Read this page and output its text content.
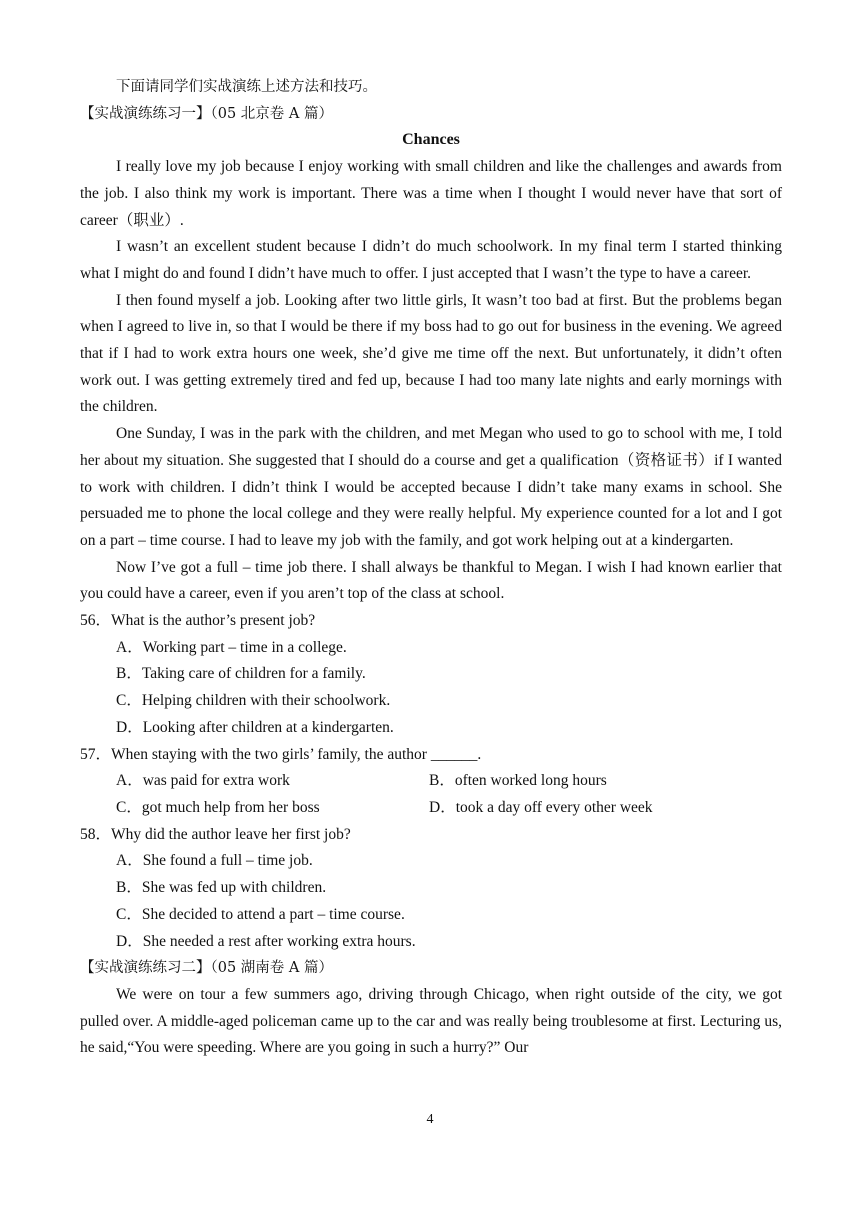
下面请同学们实战演练上述方法和技巧。
【实战演练练习一】（05 北京卷 A 篇）
Chances
I really love my job because I enjoy working with small children and like the challenges and awards from the job. I also think my work is important. There was a time when I thought I would never have that sort of career（职业）.
I wasn’t an excellent student because I didn’t do much schoolwork. In my final term I started thinking what I might do and found I didn’t have much to offer. I just accepted that I wasn’t the type to have a career.
I then found myself a job. Looking after two little girls, It wasn’t too bad at first. But the problems began when I agreed to live in, so that I would be there if my boss had to go out for business in the evening. We agreed that if I had to work extra hours one week, she’d give me time off the next. But unfortunately, it didn’t often work out. I was getting extremely tired and fed up, because I had too many late nights and early mornings with the children.
One Sunday, I was in the park with the children, and met Megan who used to go to school with me, I told her about my situation. She suggested that I should do a course and get a qualification（资格证书）if I wanted to work with children. I didn’t think I would be accepted because I didn’t take many exams in school. She persuaded me to phone the local college and they were really helpful. My experience counted for a lot and I got on a part – time course. I had to leave my job with the family, and got work helping out at a kindergarten.
Now I’ve got a full – time job there. I shall always be thankful to Megan. I wish I had known earlier that you could have a career, even if you aren’t top of the class at school.
56．What is the author’s present job?
A．Working part – time in a college.
B．Taking care of children for a family.
C．Helping children with their schoolwork.
D．Looking after children at a kindergarten.
57．When staying with the two girls’ family, the author ______.
A．was paid for extra work	B．often worked long hours
C．got much help from her boss	D．took a day off every other week
58．Why did the author leave her first job?
A．She found a full – time job.
B．She was fed up with children.
C．She decided to attend a part – time course.
D．She needed a rest after working extra hours.
【实战演练练习二】（05 湖南卷 A 篇）
We were on tour a few summers ago, driving through Chicago, when right outside of the city, we got pulled over. A middle-aged policeman came up to the car and was really being troublesome at first. Lecturing us, he said,“You were speeding. Where are you going in such a hurry?” Our
4
